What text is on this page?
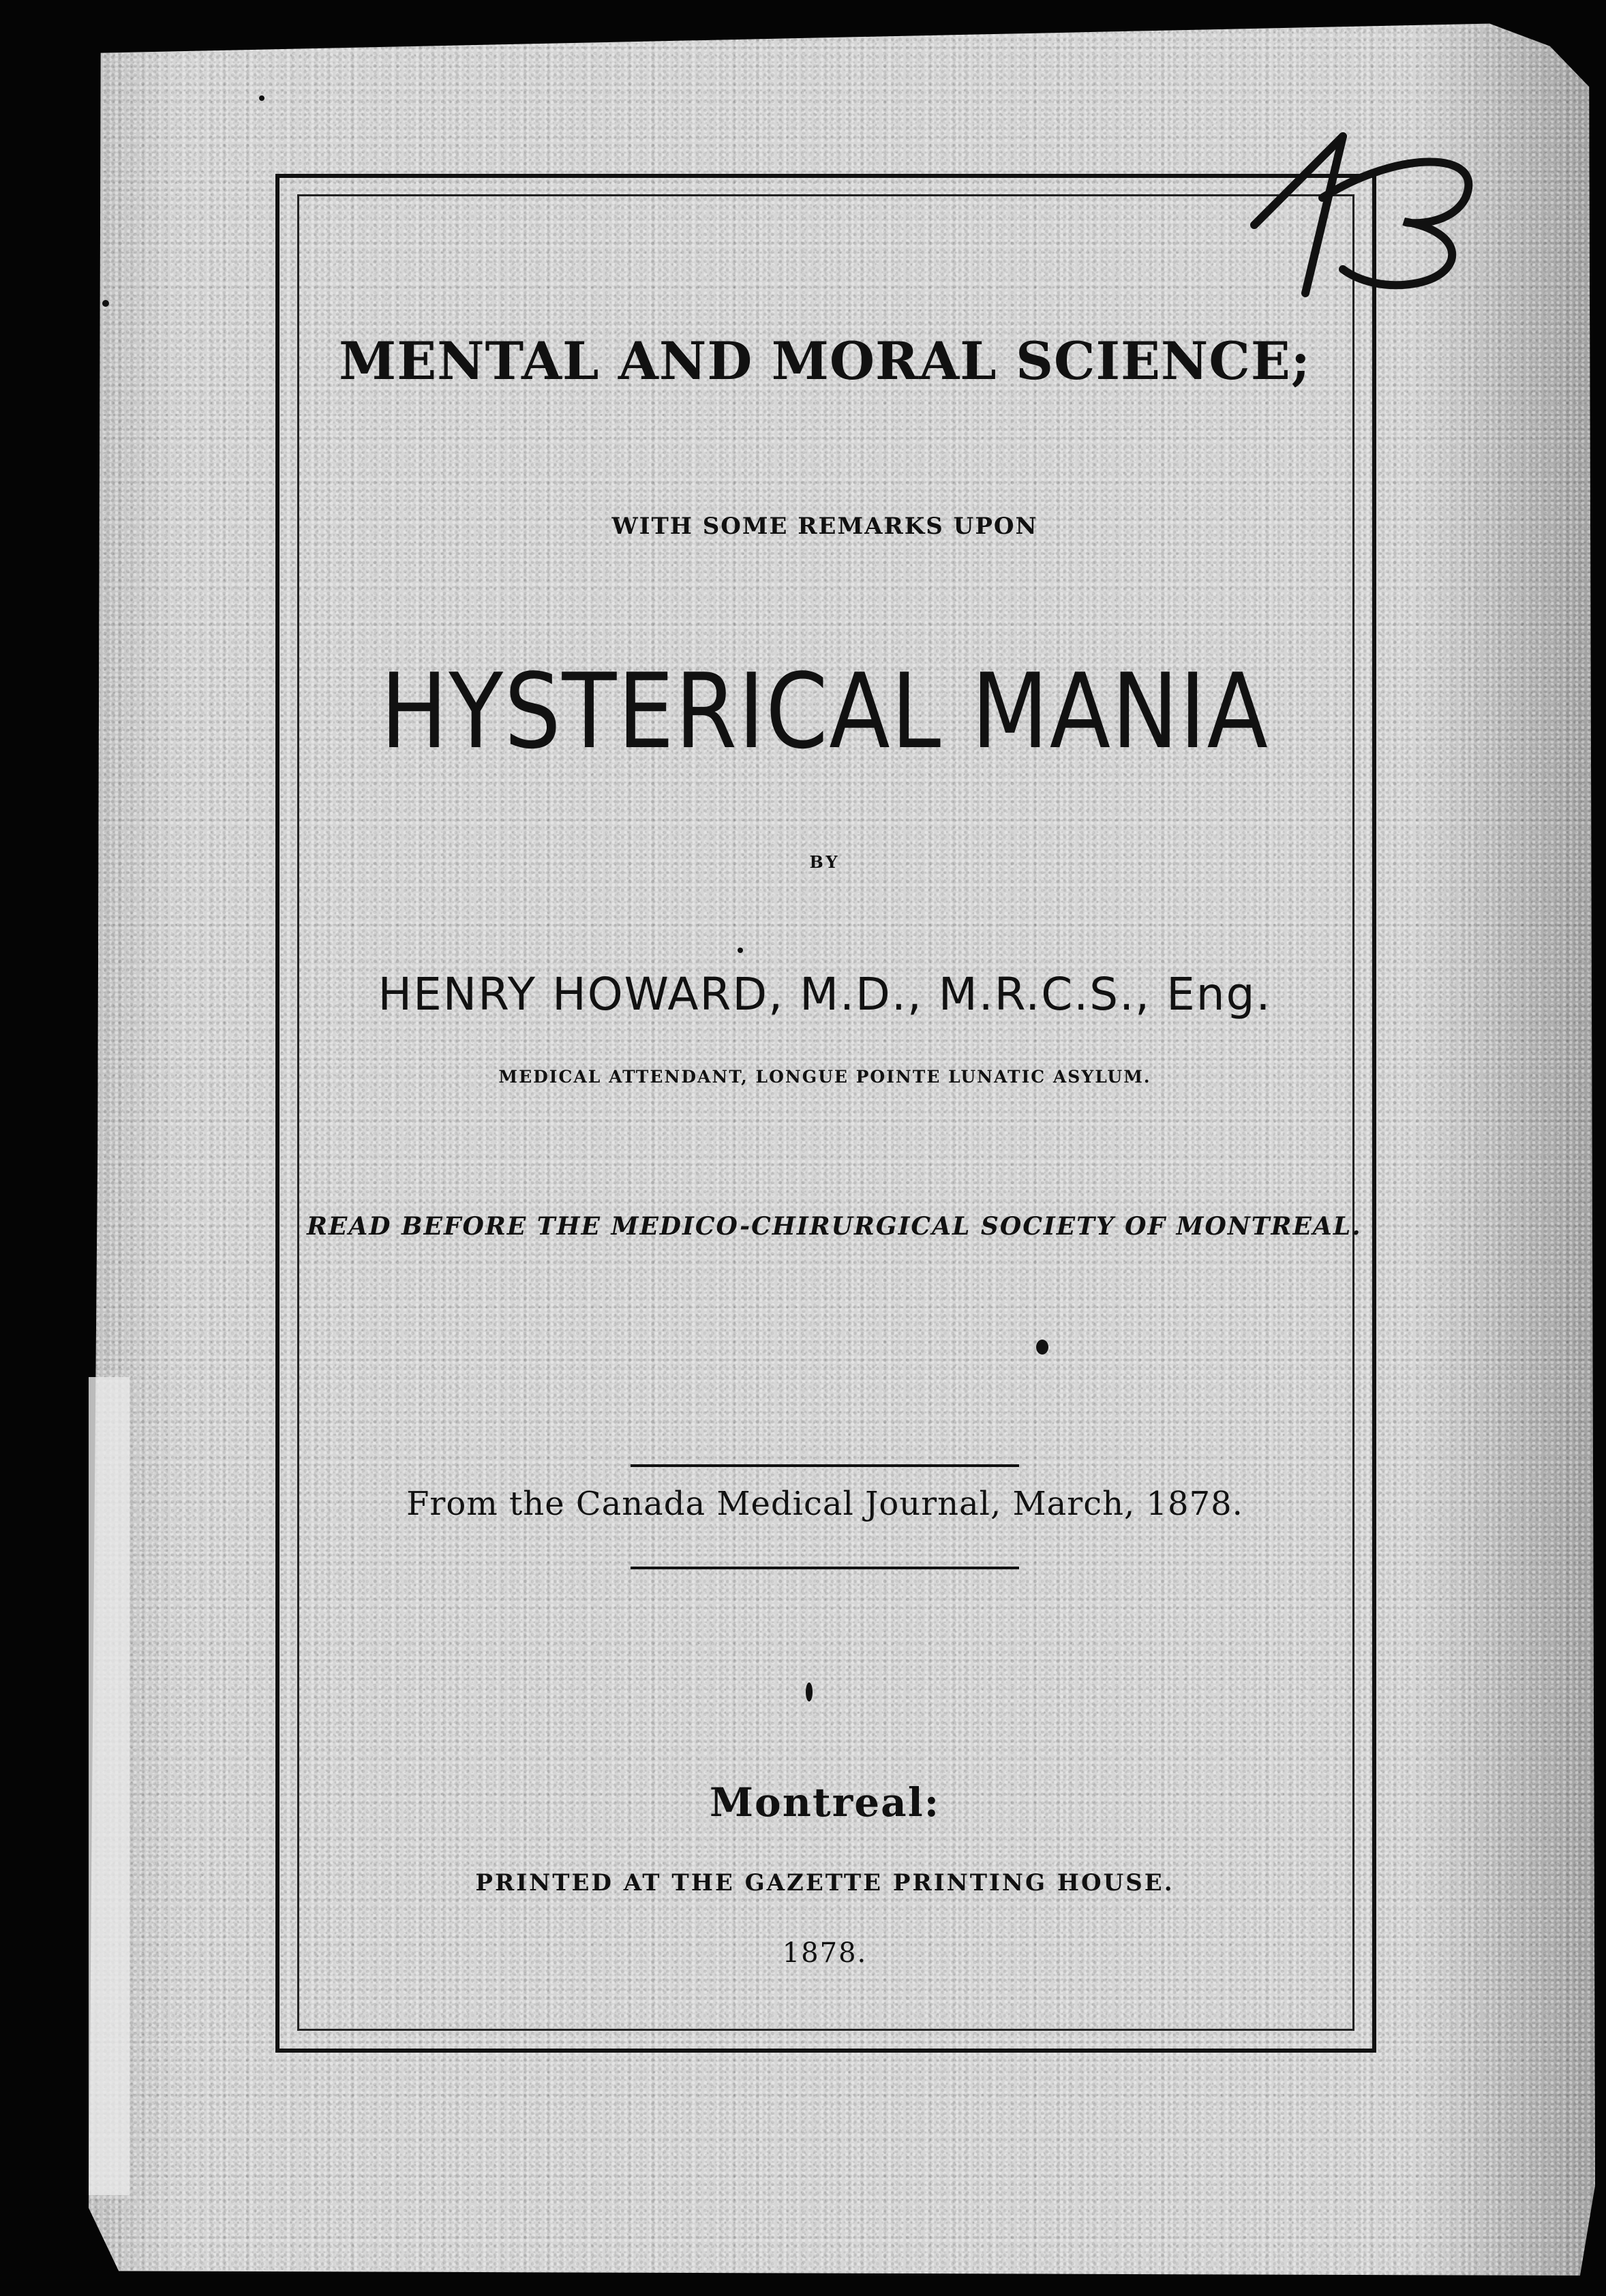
MENTAL AND MORAL SCIENCE;

WITH SOME REMARKS UPON

HYSTERICAL MANIA

BY

HENRY HOWARD, M.D., M.R.C.S., Eng.

MEDICAL ATTENDANT, LONGUE POINTE LUNATIC ASYLUM.

READ BEFORE THE MEDICO-CHIRURGICAL SOCIETY OF MONTREAL.

From the Canada Medical Journal, March, 1878.

Montreal:

PRINTED AT THE GAZETTE PRINTING HOUSE.

1878.
